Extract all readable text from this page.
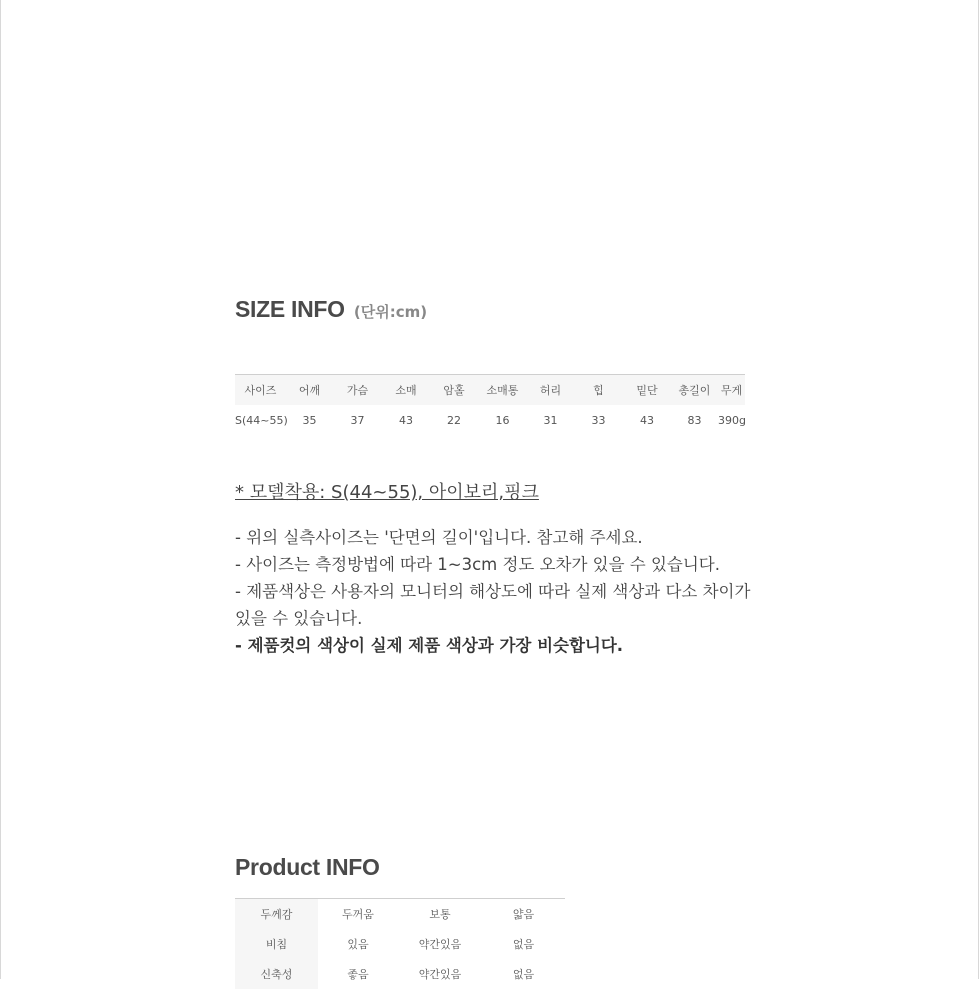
SIZE INFO (단위:cm)
사이즈	어깨	가슴	소매	암홀	소매통	허리	힙	밑단	총길이	무게
S(44~55)	35	37	43	22	16	31	33	43	83	390g
* 모델착용: S(44~55), 아이보리,핑크

- 위의 실측사이즈는 '단면의 길이'입니다. 참고해 주세요.

- 사이즈는 측정방법에 따라 1~3cm 정도 오차가 있을 수 있습니다.

- 제품색상은 사용자의 모니터의 해상도에 따라 실제 색상과 다소 차이가 있을 수 있습니다.

- 제품컷의 색상이 실제 제품 색상과 가장 비슷합니다.

Product INFO
두께감	두꺼움	보통	얇음
비침	있음	약간있음	없음
신축성	좋음	약간있음	없음
